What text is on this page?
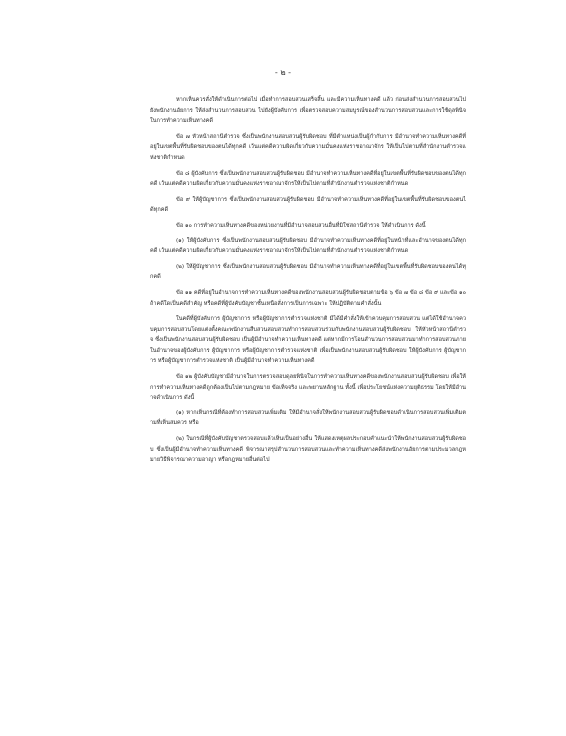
- ๒ -

หากเห็นควรสั่งให้ดำเนินการต่อไป เมื่อทำการสอบสวนเสร็จสิ้น และมีความเห็นทางคดี แล้ว ก่อนส่งสำนวนการสอบสวนไปยังพนักงานอัยการ ให้ส่งสำนวนการสอบสวน ไปยังผู้บังคับการ เพื่อตรวจสอบความสมบูรณ์ของสำนวนการสอบสวนและการใช้ดุลพินิจในการทำความเห็นทางคดี

ข้อ ๗ หัวหน้าสถานีตำรวจ ซึ่งเป็นพนักงานสอบสวนผู้รับผิดชอบ ที่มีตำแหน่งเป็นผู้กำกับการ มีอำนาจทำความเห็นทางคดีที่อยู่ในเขตพื้นที่รับผิดชอบของตนได้ทุกคดี เว้นแต่คดีความผิดเกี่ยวกับความมั่นคงแห่งราชอาณาจักร ให้เป็นไปตามที่สำนักงานตำรวจแห่งชาติกำหนด

ข้อ ๘ ผู้บังคับการ ซึ่งเป็นพนักงานสอบสวนผู้รับผิดชอบ มีอำนาจทำความเห็นทางคดีที่อยู่ในเขตพื้นที่รับผิดชอบของตนได้ทุกคดี เว้นแต่คดีความผิดเกี่ยวกับความมั่นคงแห่งราชอาณาจักรให้เป็นไปตามที่สำนักงานตำรวจแห่งชาติกำหนด

ข้อ ๙ ให้ผู้บัญชาการ ซึ่งเป็นพนักงานสอบสวนผู้รับผิดชอบ มีอำนาจทำความเห็นทางคดีที่อยู่ในเขตพื้นที่รับผิดชอบของตนได้ทุกคดี

ข้อ ๑๐ การทำความเห็นทางคดีของหน่วยงานที่มีอำนาจสอบสวนอื่นที่มิใช่สถานีตำรวจ ให้ดำเนินการ ดังนี้

(๑) ให้ผู้บังคับการ ซึ่งเป็นพนักงานสอบสวนผู้รับผิดชอบ มีอำนาจทำความเห็นทางคดีที่อยู่ในหน้าที่และอำนาจของตนได้ทุกคดี เว้นแต่คดีความผิดเกี่ยวกับความมั่นคงแห่งราชอาณาจักรให้เป็นไปตามที่สำนักงานตำรวจแห่งชาติกำหนด

(๒) ให้ผู้บัญชาการ ซึ่งเป็นพนักงานสอบสวนผู้รับผิดชอบ มีอำนาจทำความเห็นทางคดีที่อยู่ในเขตพื้นที่รับผิดชอบของตนได้ทุกคดี

ข้อ ๑๑ คดีที่อยู่ในอำนาจการทำความเห็นทางคดีของพนักงานสอบสวนผู้รับผิดชอบตามข้อ ๖ ข้อ ๗ ข้อ ๘ ข้อ ๙ และข้อ ๑๐ ถ้าคดีใดเป็นคดีสำคัญ หรือคดีที่ผู้บังคับบัญชาชั้นเหนือสั่งการเป็นการเฉพาะ ให้ปฏิบัติตามคำสั่งนั้น

ในคดีที่ผู้บังคับการ ผู้บัญชาการ หรือผู้บัญชาการตำรวจแห่งชาติ มีได้มีคำสั่งให้เข้าควบคุมการสอบสวน แต่ได้ใช้อำนาจควบคุมการสอบสวนโดยแต่งตั้งคณะพนักงานสืบสวนสอบสวนทำการสอบสวนร่วมกับพนักงานสอบสวนผู้รับผิดชอบ ให้หัวหน้าสถานีตำรวจ ซึ่งเป็นพนักงานสอบสวนผู้รับผิดชอบ เป็นผู้มีอำนาจทำความเห็นทางคดี แต่หากมีการโอนสำนวนการสอบสวนมาทำการสอบสวนภายในอำนาจของผู้บังคับการ ผู้บัญชาการ หรือผู้บัญชาการตำรวจแห่งชาติ เพื่อเป็นพนักงานสอบสวนผู้รับผิดชอบ ให้ผู้บังคับการ ผู้บัญชาการ หรือผู้บัญชาการตำรวจแห่งชาติ เป็นผู้มีอำนาจทำความเห็นทางคดี

ข้อ ๑๒ ผู้บังคับบัญชามีอำนาจในการตรวจสอบดุลยพินิจในการทำความเห็นทางคดีของพนักงานสอบสวนผู้รับผิดชอบ เพื่อให้การทำความเห็นทางคดีถูกต้องเป็นไปตามกฎหมาย ข้อเท็จจริง และพยานหลักฐาน ทั้งนี้ เพื่อประโยชน์แห่งความยุติธรรม โดยให้มีอำนาจดำเนินการ ดังนี้

(๑) หากเห็นกรณีที่ต้องทำการสอบสวนเพิ่มเติม ให้มีอำนาจสั่งให้พนักงานสอบสวนผู้รับผิดชอบดำเนินการสอบสวนเพิ่มเติมตามที่เห็นสมควร หรือ

(๒) ในกรณีที่ผู้บังคับบัญชาตรวจสอบแล้วเห็นเป็นอย่างอื่น ให้แสดงเหตุผลประกอบคำแนะนำให้พนักงานสอบสวนผู้รับผิดชอบ ซึ่งเป็นผู้มีอำนาจทำความเห็นทางคดี พิจารณาสรุปสำนวนการสอบสวนและทำความเห็นทางคดีส่งพนักงานอัยการตามประมวลกฎหมายวิธีพิจารณาความอาญา หรือกฎหมายอื่นต่อไป
